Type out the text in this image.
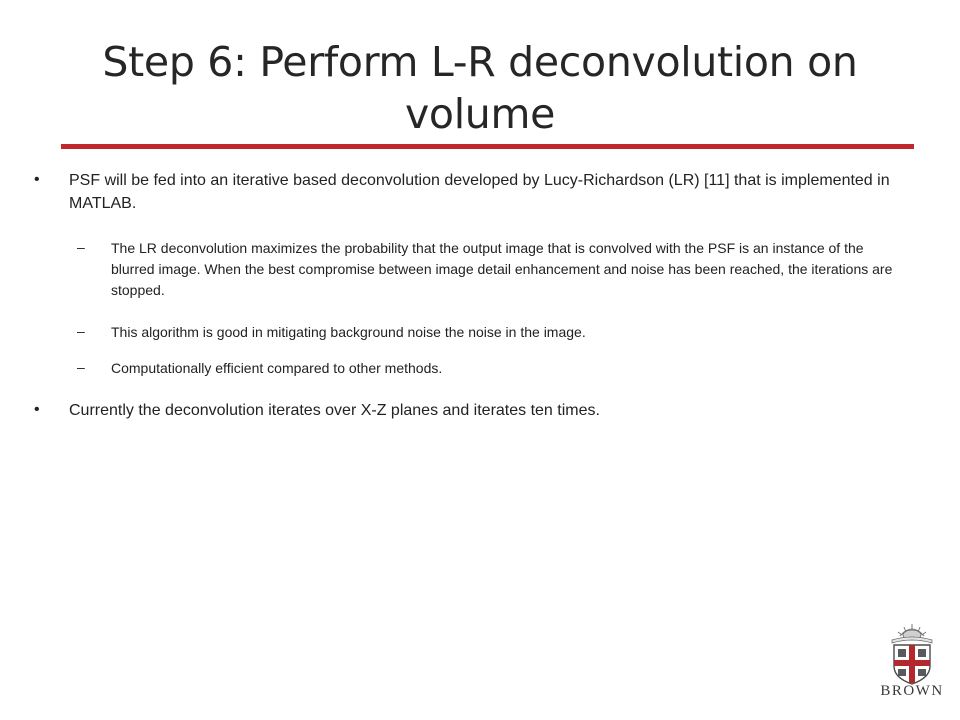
Step 6: Perform L-R deconvolution on volume
• PSF will be fed into an iterative based deconvolution developed by Lucy-Richardson (LR) [11] that is implemented in MATLAB.
– The LR deconvolution maximizes the probability that the output image that is convolved with the PSF is an instance of the blurred image. When the best compromise between image detail enhancement and noise has been reached, the iterations are stopped.
– This algorithm is good in mitigating background noise the noise in the image.
– Computationally efficient compared to other methods.
• Currently the deconvolution iterates over X-Z planes and iterates ten times.
BROWN
